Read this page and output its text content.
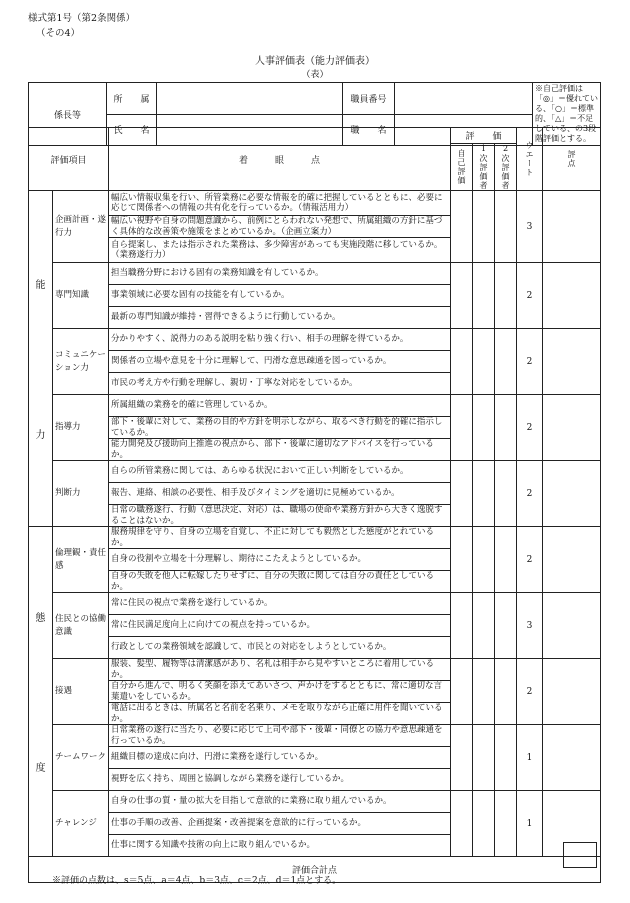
様式第1号（第2条関係）
（その4）
人事評価表（能力評価表）
（表）
係長等	所　　属		職員番号		※自己評価は「◎」＝優れている、「○」＝標準的、「△」＝不足している、の3段階評価とする。
	氏　　名		職　　名		
評価項目		着　　　眼　　　点	評　　価			ウエート	評点

			自己評価	1次評価者	2次評価者		

能
力	企画計画・遂行力	幅広い情報収集を行い、所管業務に必要な情報を的確に把握しているとともに、必要に応じて関係者への情報の共有化を行っているか。（情報活用力）				3	
		幅広い視野や自身の問題意識から、前例にとらわれない発想で、所属組織の方針に基づく具体的な改善策や施策をまとめているか。（企画立案力）					
		自ら提案し、または指示された業務は、多少障害があっても実施段階に移しているか。（業務遂行力）					
	専門知識	担当職務分野における固有の業務知識を有しているか。				2	
		事業領域に必要な固有の技能を有しているか。					
		最新の専門知識が維持・習得できるように行動しているか。					
	コミュニケーション力	分かりやすく、説得力のある説明を粘り強く行い、相手の理解を得ているか。				2	
		関係者の立場や意見を十分に理解して、円滑な意思疎通を図っているか。					
		市民の考え方や行動を理解し、親切・丁寧な対応をしているか。					
	指導力	所属組織の業務を的確に管理しているか。				2	
		部下・後輩に対して、業務の目的や方針を明示しながら、取るべき行動を的確に指示しているか。					
		能力開発及び援助向上推進の視点から、部下・後輩に適切なアドバイスを行っているか。					
	判断力	自らの所管業務に関しては、あらゆる状況において正しい判断をしているか。				2	
		報告、連絡、相談の必要性、相手及びタイミングを適切に見極めているか。					
		日常の職務遂行、行動（意思決定、対応）は、職場の使命や業務方針から大きく逸脱することはないか。					

態
度	倫理観・責任感	服務規律を守り、自身の立場を自覚し、不正に対しても毅然とした態度がとれているか。				2	
		自身の役割や立場を十分理解し、期待にこたえようとしているか。					
		自身の失敗を他人に転嫁したりせずに、自分の失敗に関しては自分の責任としているか。					
	住民との協働意識	常に住民の視点で業務を遂行しているか。				3	
		常に住民満足度向上に向けての視点を持っているか。					
		行政としての業務領域を認識して、市民との対応をしようとしているか。					
	接遇	服装、髪型、履物等は清潔感があり、名札は相手から見やすいところに着用しているか。				2	
		自分から進んで、明るく笑顔を添えてあいさつ、声かけをするとともに、常に適切な言葉遣いをしているか。					
		電話に出るときは、所属名と名前を名乗り、メモを取りながら正確に用件を聞いているか。					
	チームワーク	日常業務の遂行に当たり、必要に応じて上司や部下・後輩・同僚との協力や意思疎通を行っているか。				1	
		組織目標の達成に向け、円滑に業務を遂行しているか。					
		視野を広く持ち、周囲と協調しながら業務を遂行しているか。					
	チャレンジ	自身の仕事の質・量の拡大を目指して意欲的に業務に取り組んでいるか。				1	
		仕事の手順の改善、企画提案・改善提案を意欲的に行っているか。					
		仕事に関する知識や技術の向上に取り組んでいるか。					
評価合計点							
※評価の点数は、s＝5点、a＝4点、b＝3点、c＝2点、d＝1点とする。
